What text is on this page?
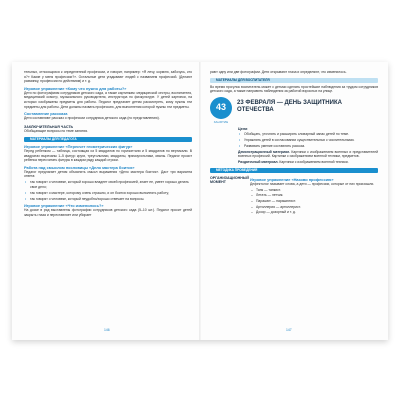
тельных, относящихся к определенной профессии, и говорит, например: «Я лечу, кормлю, забочусь, кто я?» Какие у меня профессии?». Остальные дети угадывают людей с названием профессий. (Делают разминку, профессии по действиям) и т. д.

Игровое упражнение «Кому что нужно для работы?»

Дети по фотографиям сотрудников детского сада, а также картинкам: медицинской сестры, воспитателя, медицинский осмотр, музыкального руководителя, инструктора по физкультуре. У детей картинки, на которых изображены предметы для работы. Педагог предлагает детям рассмотреть, кому нужны эти предметы для работы. Дети должны назвать профессию, для выполнения которой нужны эти предметы.

Составление рассказа

Дети составляют рассказ о профессии сотрудника детского сада (по представлению).

ЗАКЛЮЧИТЕЛЬНАЯ ЧАСТЬ

Обобщающие вопросы по теме занятия.

МАТЕРИАЛЫ ДЛЯ ПЕДАГОГА
Игровое упражнение «Пересчет геометрических фигур»

Перед ребенком — таблица, состоящая из 5 квадратов по горизонтали и 5 квадратов по вертикали. В квадратах вырезаны 1–5 фигур: круги, треугольники, квадраты, прямоугольники, овалы. Педагог просит ребенка пересчитать фигуры в каждом ряду каждой строки.

Работа над смыслом пословицы «Дело мастера боится»

Педагог предлагает детям объяснить смысл выражения «Дело мастера боится». Даст три варианта ответа:

• так говорят о человеке, который хорошо владеет своей профессией, знает ее, умеет хорошо делать свое дело;
• так говорят о мастере, которому очень страшно, и он боится хорошо выполнять работу;
• так говорят о человеке, который неудобно/хорошо отвечает на вопросы.
Игровое упражнение «Что изменилось?»

На доске в ряд выставлены фотографии сотрудников детского сада (5–10 шт.). Педагог просит детей закрыть глаза и переставляет или убирает

146

рают одну или две фотографии. Дети открывают глаза и определяют, что изменилось.

МАТЕРИАЛЫ ДЛЯ ВОСПИТАТЕЛЯ

Во время прогулок воспитатель может с детьми сделать простейшие наблюдения за трудом сотрудников детского сада, а также направить наблюдения за работой взрослых на улице.

43
ЗАНЯТИЕ
23 ФЕВРАЛЯ — ДЕНЬ ЗАЩИТНИКА ОТЕЧЕСТВА
Цели
• Обобщать, уточнять и расширять словарный запас детей по теме.
• Упражнять детей в согласовании существительных с числительными.
• Развивать умение составлять рассказ.

Демонстрационный материал. Картинки с изображением военных и представителей военных профессий. Картинки с изображением военной техники, предметов.

Раздаточный материал. Картинки с изображением военной техники.

МЕТОДИКА ПРОВЕДЕНИЯ
ОРГАНИЗАЦИОННЫЙ МОМЕНТ
Игровое упражнение «Назови профессию»

Дефектолог называет слова, а дети — профессии, которые от них произошли.

– Танк — танкист.
– Летать — летчик.
– Парашют — парашютист.
– Артиллерия — артиллерист.
– Дозор — дозорный и т. д.
147
